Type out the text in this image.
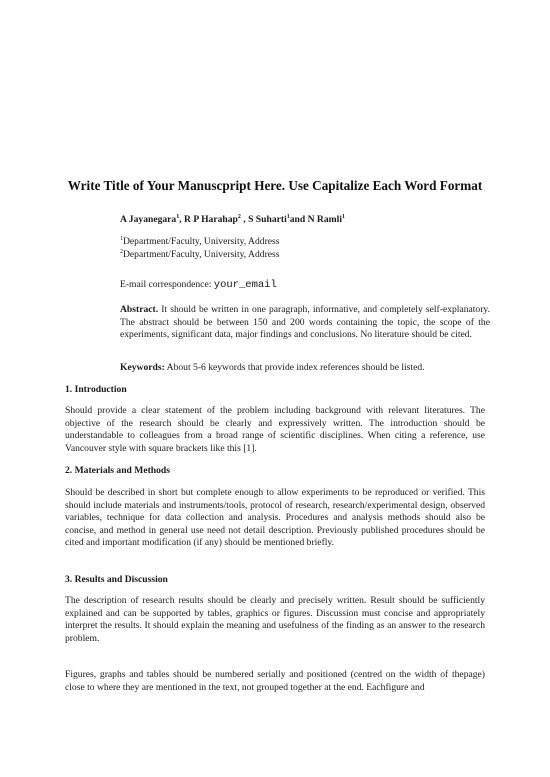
Write Title of Your Manuscpript Here. Use Capitalize Each Word Format
A Jayanegara$^1$, R P Harahap$^2$ , S Suharti$^1$and N Ramli$^1$
$^1$Department/Faculty, University, Address
$^2$Department/Faculty, University, Address
E-mail correspondence: your_email
Abstract. It should be written in one paragraph, informative, and completely self-explanatory. The abstract should be between 150 and 200 words containing the topic, the scope of the experiments, significant data, major findings and conclusions. No literature should be cited.
Keywords: About 5-6 keywords that provide index references should be listed.
1. Introduction
Should provide a clear statement of the problem including background with relevant literatures. The objective of the research should be clearly and expressively written. The introduction should be understandable to colleagues from a broad range of scientific disciplines. When citing a reference, use Vancouver style with square brackets like this [1].
2. Materials and Methods
Should be described in short but complete enough to allow experiments to be reproduced or verified. This should include materials and instruments/tools, protocol of research, research/experimental design, observed variables, technique for data collection and analysis. Procedures and analysis methods should also be concise, and method in general use need not detail description. Previously published procedures should be cited and important modification (if any) should be mentioned briefly.
3. Results and Discussion
The description of research results should be clearly and precisely written. Result should be sufficiently explained and can be supported by tables, graphics or figures. Discussion must concise and appropriately interpret the results. It should explain the meaning and usefulness of the finding as an answer to the research problem.
Figures, graphs and tables should be numbered serially and positioned (centred on the width of thepage) close to where they are mentioned in the text, not grouped together at the end. Eachfigure and
